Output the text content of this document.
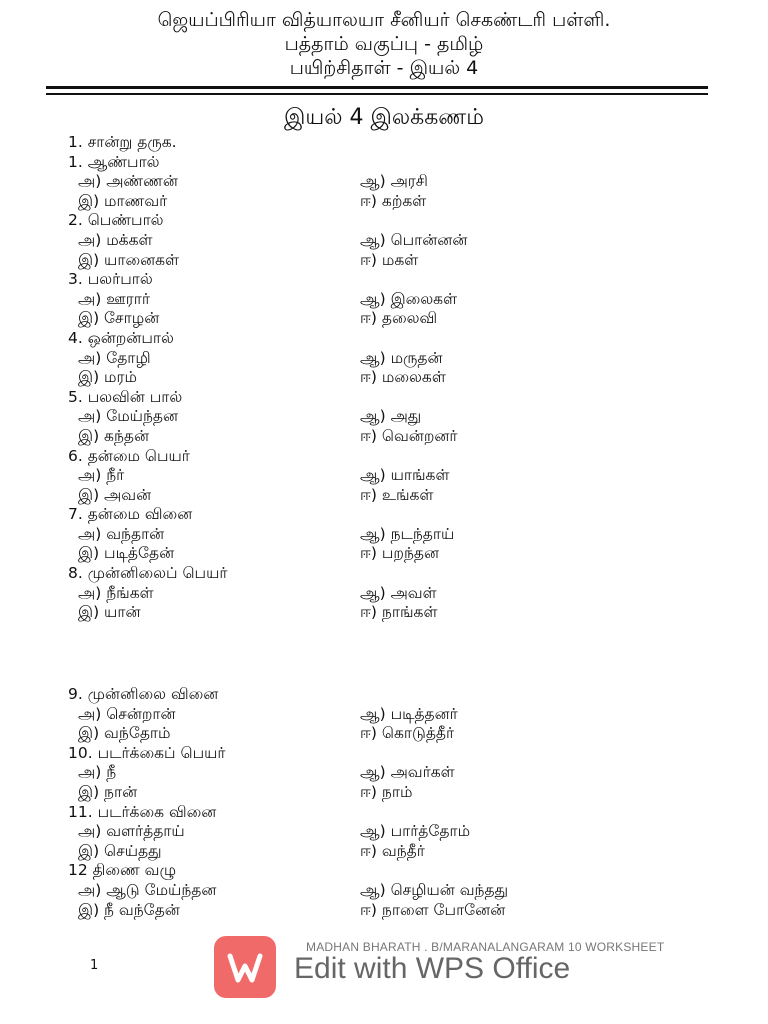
ஜெயப்பிரியா வித்யாலயா சீனியர் செகண்டரி பள்ளி.
பத்தாம் வகுப்பு - தமிழ்
பயிற்சிதாள் - இயல் 4
இயல் 4 இலக்கணம்
1. சான்று தருக.
1. ஆண்பால்
அ) அண்ணன்	ஆ) அரசி
இ) மாணவர்	ஈ) கற்கள்
2. பெண்பால்
அ) மக்கள்	ஆ) பொன்னன்
இ) யானைகள்	ஈ) மகள்
3. பலர்பால்
அ) ஊரார்	ஆ) இலைகள்
இ) சோழன்	ஈ) தலைவி
4. ஒன்றன்பால்
அ) தோழி	ஆ) மருதன்
இ) மரம்	ஈ) மலைகள்
5. பலவின் பால்
அ) மேய்ந்தன	ஆ) அது
இ) கந்தன்	ஈ) வென்றனர்
6. தன்மை பெயர்
அ) நீர்	ஆ) யாங்கள்
இ) அவன்	ஈ) உங்கள்
7. தன்மை வினை
அ) வந்தான்	ஆ) நடந்தாய்
இ) படித்தேன்	ஈ) பறந்தன
8. முன்னிலைப் பெயர்
அ) நீங்கள்	ஆ) அவள்
இ) யான்	ஈ) நாங்கள்
9. முன்னிலை வினை
அ) சென்றான்	ஆ) படித்தனர்
இ) வந்தோம்	ஈ) கொடுத்தீர்
10. படர்க்கைப் பெயர்
அ) நீ	ஆ) அவர்கள்
இ) நான்	ஈ) நாம்
11. படர்க்கை வினை
அ) வளர்த்தாய்	ஆ) பார்த்தோம்
இ) செய்தது	ஈ) வந்தீர்
12 திணை வழு
அ) ஆடு மேய்ந்தன	ஆ) செழியன் வந்தது
இ) நீ வந்தேன்	ஈ) நாளை போனேன்
1
MADHAN BHARATH . B/MARANALANGARAM 10 WORKSHEET
Edit with WPS Office
